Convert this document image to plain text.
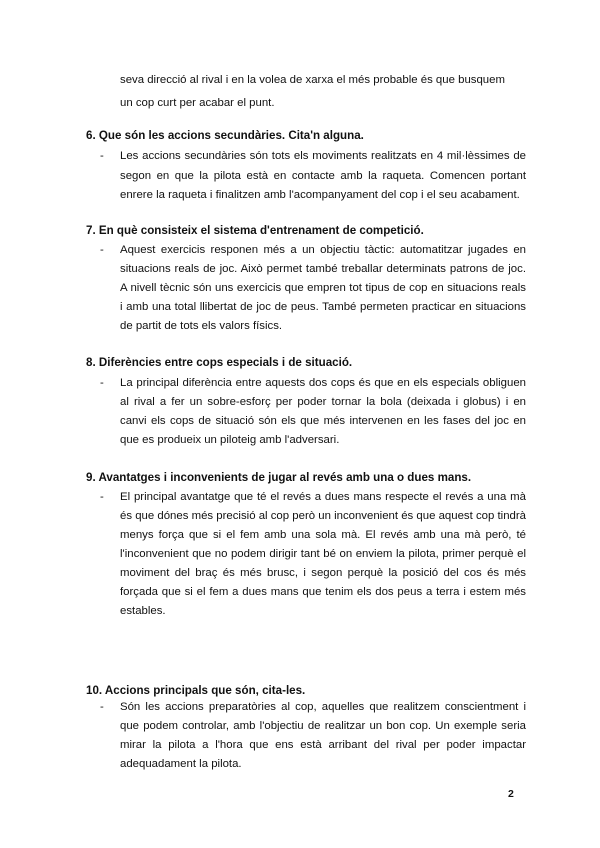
seva direcció al rival i en la volea de xarxa el més probable és que busquem un cop curt per acabar el punt.

6. Que són les accions secundàries. Cita'n alguna.

-	Les accions secundàries són tots els moviments realitzats en 4 mil·lèssimes de segon en que la pilota està en contacte amb la raqueta. Comencen portant enrere la raqueta i finalitzen amb l'acompanyament del cop i el seu acabament.

7. En què consisteix el sistema d'entrenament de competició.

-	Aquest exercicis responen més a un objectiu tàctic: automatitzar jugades en situacions reals de joc. Això permet també treballar determinats patrons de joc. A nivell tècnic són uns exercicis que empren tot tipus de cop en situacions reals i amb una total llibertat de joc de peus. També permeten practicar en situacions de partit de tots els valors físics.

8. Diferències entre cops especials i de situació.

-	La principal diferència entre aquests dos cops és que en els especials obliguen al rival a fer un sobre-esforç per poder tornar la bola (deixada i globus) i en canvi els cops de situació són els que més intervenen en les fases del joc en que es produeix un piloteig amb l'adversari.

9. Avantatges i inconvenients de jugar al revés amb una o dues mans.

-	El principal avantatge que té el revés a dues mans respecte el revés a una mà és que dónes més precisió al cop però un inconvenient és que aquest cop tindrà menys força que si el fem amb una sola mà. El revés amb una mà però, té l'inconvenient que no podem dirigir tant bé on enviem la pilota, primer perquè el moviment del braç és més brusc, i segon perquè la posició del cos és més forçada que si el fem a dues mans que tenim els dos peus a terra i estem més estables.

10. Accions principals que són, cita-les.

-	Són les accions preparatòries al cop, aquelles que realitzem conscientment i que podem controlar, amb l'objectiu de realitzar un bon cop. Un exemple seria mirar la pilota a l'hora que ens està arribant del rival per poder impactar adequadament la pilota.
2
